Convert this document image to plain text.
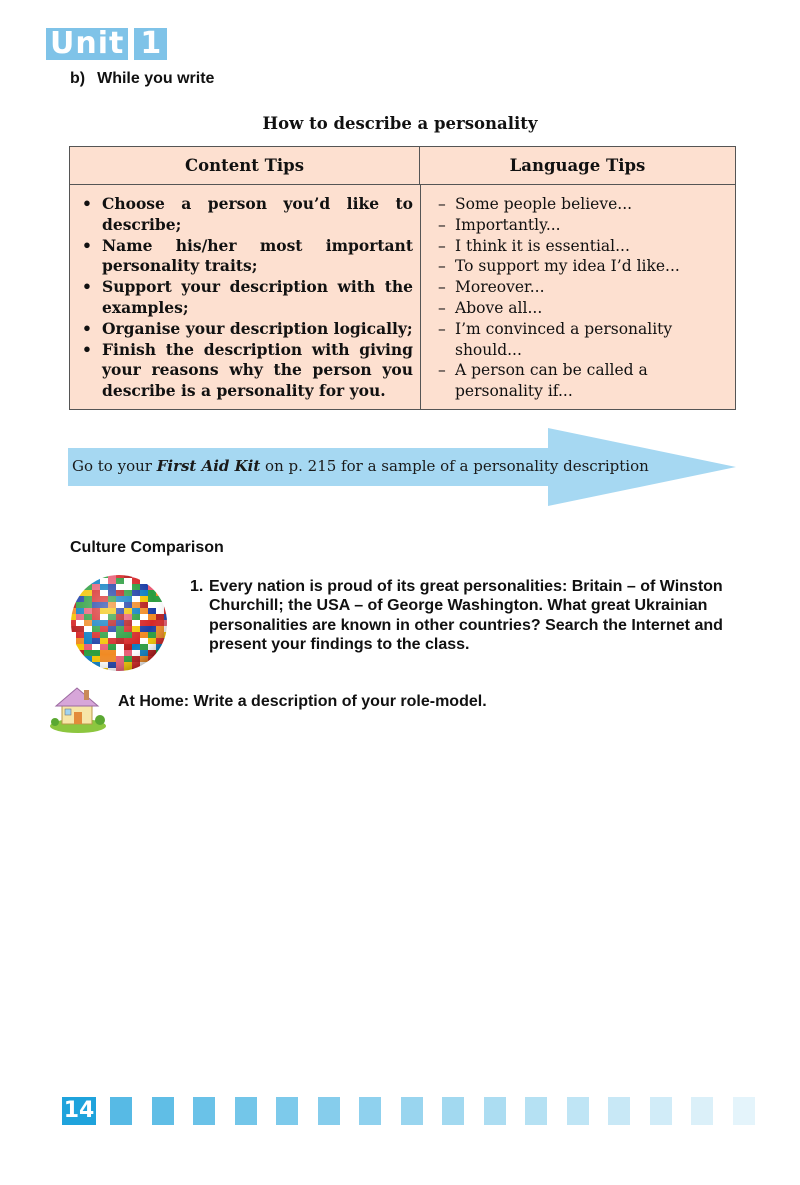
Unit 1
b) While you write
How to describe a personality
Content Tips	Language Tips
• Choose a person you’d like to describe;
• Name his/her most important personality traits;
• Support your description with the examples;
• Organise your description logically;
• Finish the description with giving your reasons why the person you describe is a personality for you.
– Some people believe...
– Importantly...
– I think it is essential...
– To support my idea I’d like...
– Moreover...
– Above all...
– I’m convinced a personality should...
– A person can be called a personality if...
Go to your First Aid Kit on p. 215 for a sample of a personality description
Culture Comparison
1. Every nation is proud of its great personalities: Britain – of Winston Churchill; the USA – of George Washington. What great Ukrainian personalities are known in other countries? Search the Internet and present your findings to the class.
At Home: Write a description of your role-model.
14
